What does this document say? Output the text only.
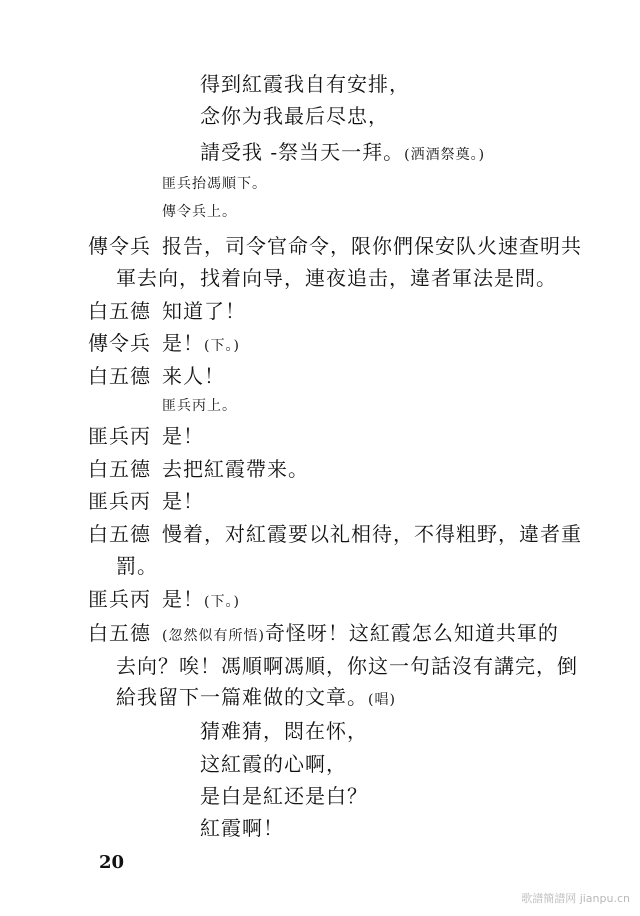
得到紅霞我自有安排，
念你为我最后尽忠，
請受我 -祭当天一拜。(洒酒祭奠。)
匪兵抬馮順下。
傳令兵上。
傳令兵 报告，司令官命令，限你們保安队火速查明共
軍去向，找着向导，連夜追击，違者軍法是問。
白五德 知道了！
傳令兵 是！(下。)
白五德 来人！
匪兵丙上。
匪兵丙 是！
白五德 去把紅霞帶来。
匪兵丙 是！
白五德 慢着，对紅霞要以礼相待，不得粗野，違者重
罰。
匪兵丙 是！(下。)
白五德 (忽然似有所悟)奇怪呀！这紅霞怎么知道共軍的
去向？唉！馮順啊馮順，你这一句話沒有講完，倒
給我留下一篇难做的文章。(唱)
猜难猜，悶在怀，
这紅霞的心啊，
是白是紅还是白？
紅霞啊！
20
歌譜簡譜网 jianpu.cn
